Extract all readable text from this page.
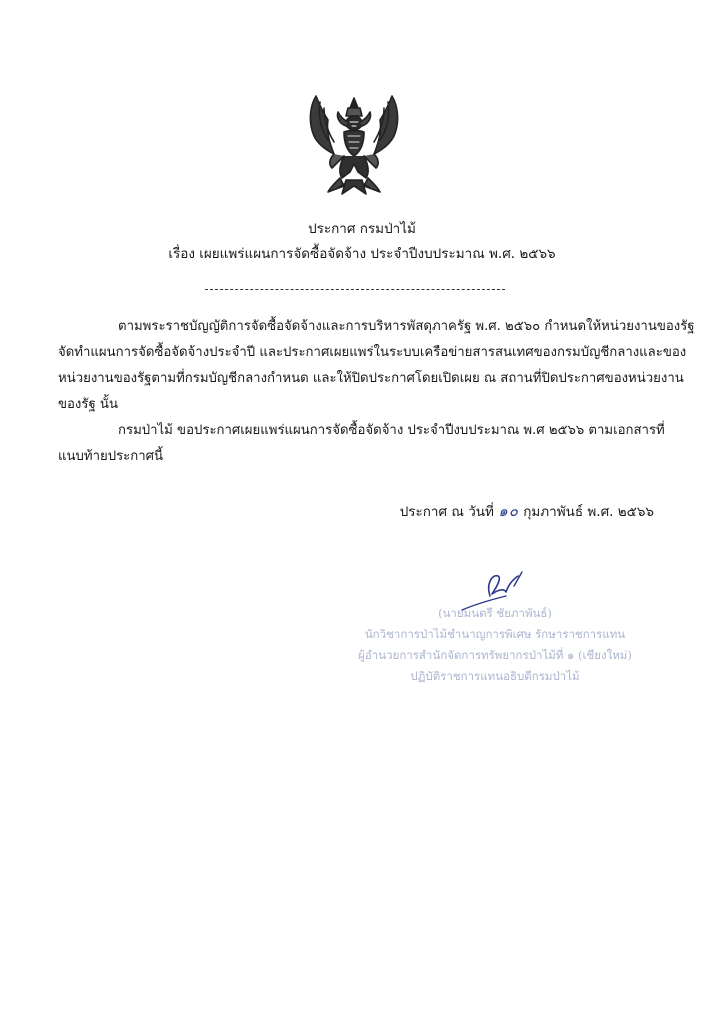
ประกาศ กรมป่าไม้
เรื่อง เผยแพร่แผนการจัดซื้อจัดจ้าง ประจำปีงบประมาณ พ.ศ. ๒๕๖๖
ตามพระราชบัญญัติการจัดซื้อจัดจ้างและการบริหารพัสดุภาครัฐ พ.ศ. ๒๕๖๐ กำหนดให้หน่วยงานของรัฐ
จัดทำแผนการจัดซื้อจัดจ้างประจำปี และประกาศเผยแพร่ในระบบเครือข่ายสารสนเทศของกรมบัญชีกลางและของ
หน่วยงานของรัฐตามที่กรมบัญชีกลางกำหนด และให้ปิดประกาศโดยเปิดเผย ณ สถานที่ปิดประกาศของหน่วยงาน
ของรัฐ นั้น
กรมป่าไม้ ขอประกาศเผยแพร่แผนการจัดซื้อจัดจ้าง ประจำปีงบประมาณ พ.ศ ๒๕๖๖ ตามเอกสารที่
แนบท้ายประกาศนี้
ประกาศ ณ วันที่ ๑๐ กุมภาพันธ์ พ.ศ. ๒๕๖๖
(นายมนตรี ชัยภาพันธ์)
นักวิชาการป่าไม้ชำนาญการพิเศษ รักษาราชการแทน
ผู้อำนวยการสำนักจัดการทรัพยากรป่าไม้ที่ ๑ (เชียงใหม่)
ปฏิบัติราชการแทนอธิบดีกรมป่าไม้
